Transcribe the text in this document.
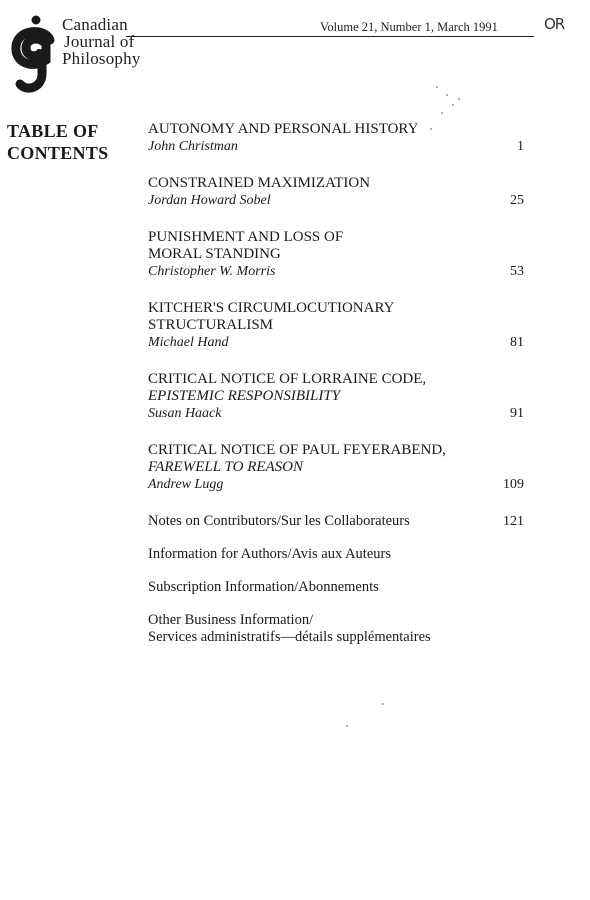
Canadian
Journal of
Philosophy
Volume 21, Number 1, March 1991	OR
TABLE OF
CONTENTS
AUTONOMY AND PERSONAL HISTORY
John Christman	1
CONSTRAINED MAXIMIZATION
Jordan Howard Sobel	25
PUNISHMENT AND LOSS OF
MORAL STANDING
Christopher W. Morris	53
KITCHER'S CIRCUMLOCUTIONARY
STRUCTURALISM
Michael Hand	81
CRITICAL NOTICE OF LORRAINE CODE,
EPISTEMIC RESPONSIBILITY
Susan Haack	91
CRITICAL NOTICE OF PAUL FEYERABEND,
FAREWELL TO REASON
Andrew Lugg	109
Notes on Contributors/Sur les Collaborateurs	121
Information for Authors/Avis aux Auteurs
Subscription Information/Abonnements
Other Business Information/
Services administratifs—détails supplémentaires
